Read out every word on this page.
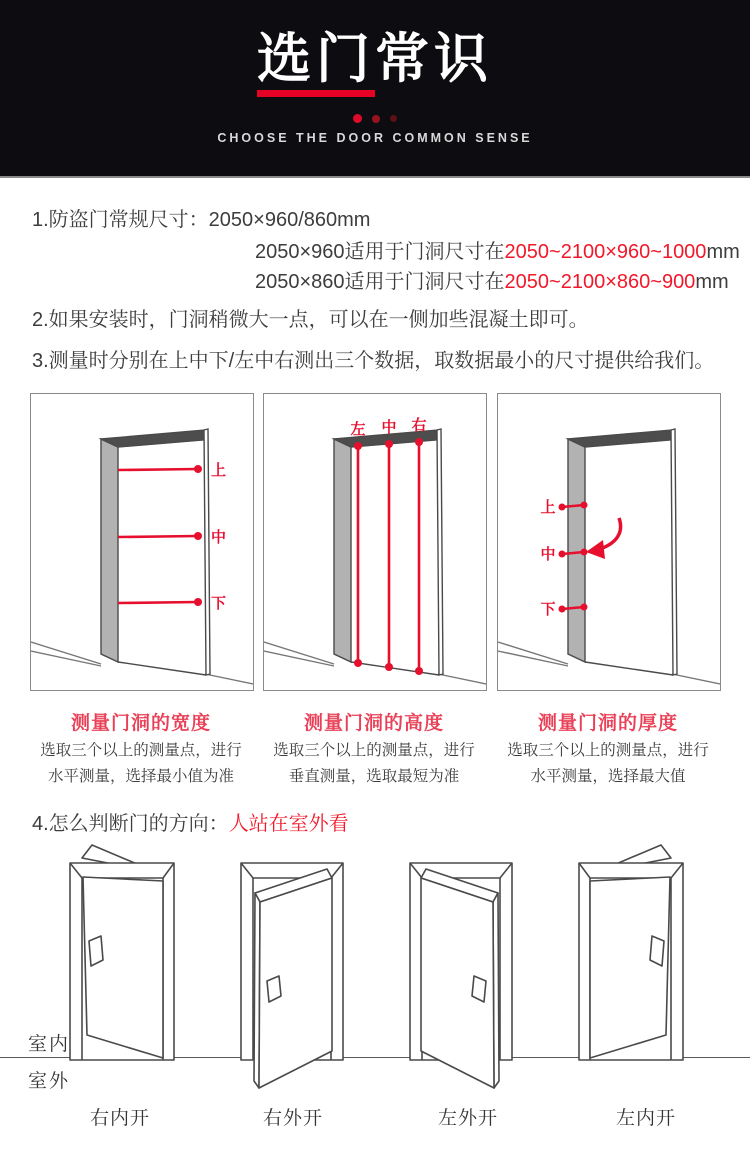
选门常识

CHOOSE THE DOOR COMMON SENSE
1.防盗门常规尺寸：2050×960/860mm
2050×960适用于门洞尺寸在2050~2100×960~1000mm
2050×860适用于门洞尺寸在2050~2100×860~900mm
2.如果安装时，门洞稍微大一点，可以在一侧加些混凝土即可。
3.测量时分别在上中下/左中右测出三个数据，取数据最小的尺寸提供给我们。
上
中
下
左 中 右
上
中
下
测量门洞的宽度	测量门洞的高度	测量门洞的厚度
选取三个以上的测量点，进行
水平测量，选择最小值为准
选取三个以上的测量点，进行
垂直测量，选取最短为准
选取三个以上的测量点，进行
水平测量，选择最大值
4.怎么判断门的方向：人站在室外看
室内
室外
右内开	右外开	左外开	左内开
